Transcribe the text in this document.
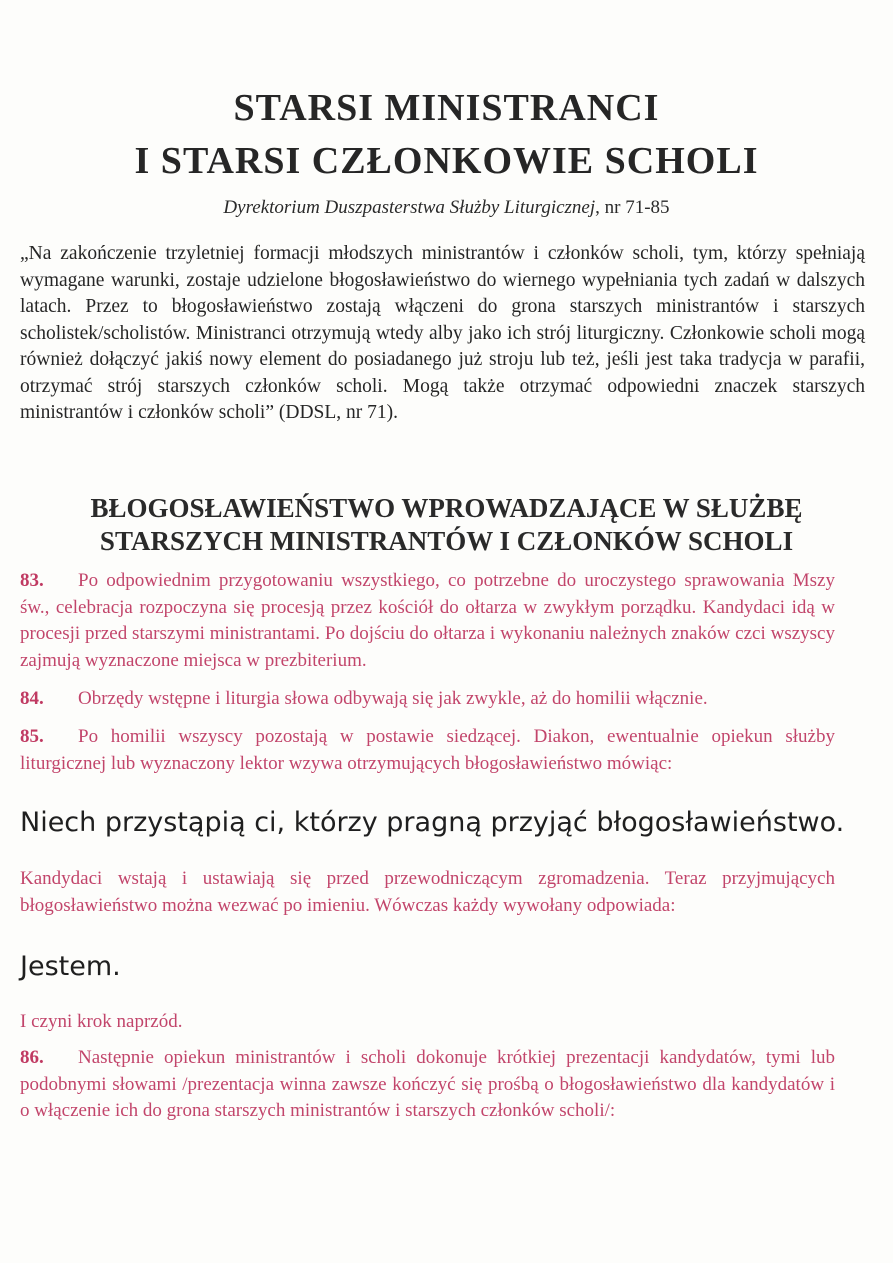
STARSI MINISTRANCI
I STARSI CZŁONKOWIE SCHOLI
Dyrektorium Duszpasterstwa Służby Liturgicznej, nr 71-85

„Na zakończenie trzyletniej formacji młodszych ministrantów i członków scholi, tym, którzy spełniają wymagane warunki, zostaje udzielone błogosławieństwo do wiernego wypełniania tych zadań w dalszych latach. Przez to błogosławieństwo zostają włączeni do grona starszych ministrantów i starszych scholistek/scholistów. Ministranci otrzymują wtedy alby jako ich strój liturgiczny. Członkowie scholi mogą również dołączyć jakiś nowy element do posiadanego już stroju lub też, jeśli jest taka tradycja w parafii, otrzymać strój starszych członków scholi. Mogą także otrzymać odpowiedni znaczek starszych ministrantów i członków scholi” (DDSL, nr 71).

BŁOGOSŁAWIEŃSTWO WPROWADZAJĄCE W SŁUŻBĘ
STARSZYCH MINISTRANTÓW I CZŁONKÓW SCHOLI

83. Po odpowiednim przygotowaniu wszystkiego, co potrzebne do uroczystego sprawowania Mszy św., celebracja rozpoczyna się procesją przez kościół do ołtarza w zwykłym porządku. Kandydaci idą w procesji przed starszymi ministrantami. Po dojściu do ołtarza i wykonaniu należnych znaków czci wszyscy zajmują wyznaczone miejsca w prezbiterium.

84. Obrzędy wstępne i liturgia słowa odbywają się jak zwykle, aż do homilii włącznie.

85. Po homilii wszyscy pozostają w postawie siedzącej. Diakon, ewentualnie opiekun służby liturgicznej lub wyznaczony lektor wzywa otrzymujących błogosławieństwo mówiąc:

Niech przystąpią ci, którzy pragną przyjąć błogosławieństwo.

Kandydaci wstają i ustawiają się przed przewodniczącym zgromadzenia. Teraz przyjmujących błogosławieństwo można wezwać po imieniu. Wówczas każdy wywołany odpowiada:

Jestem.

I czyni krok naprzód.

86. Następnie opiekun ministrantów i scholi dokonuje krótkiej prezentacji kandydatów, tymi lub podobnymi słowami /prezentacja winna zawsze kończyć się prośbą o błogosławieństwo dla kandydatów i o włączenie ich do grona starszych ministrantów i starszych członków scholi/:
